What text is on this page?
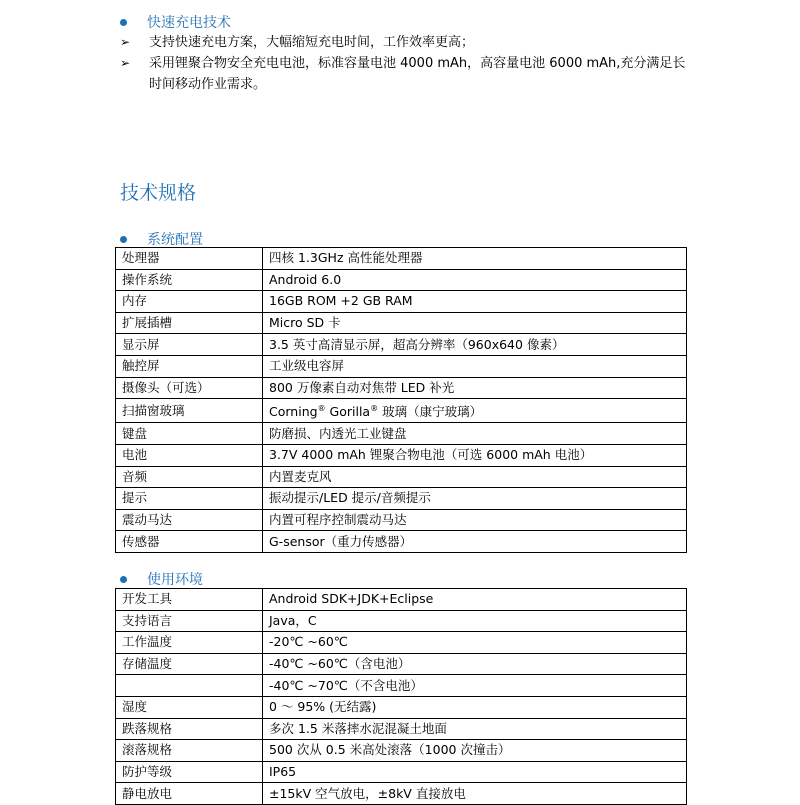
快速充电技术
➢	支持快速充电方案，大幅缩短充电时间，工作效率更高；
➢	采用锂聚合物安全充电电池，标准容量电池 4000 mAh，高容量电池 6000 mAh,充分满足长时间移动作业需求。
技术规格
系统配置
处理器	四核 1.3GHz 高性能处理器
操作系统	Android 6.0
内存	16GB ROM +2 GB RAM
扩展插槽	Micro SD 卡
显示屏	3.5 英寸高清显示屏，超高分辨率（960x640 像素）
触控屏	工业级电容屏
摄像头（可选）	800 万像素自动对焦带 LED 补光
扫描窗玻璃	Corning® Gorilla® 玻璃（康宁玻璃）
键盘	防磨损、内透光工业键盘
电池	3.7V 4000 mAh 锂聚合物电池（可选 6000 mAh 电池）
音频	内置麦克风
提示	振动提示/LED 提示/音频提示
震动马达	内置可程序控制震动马达
传感器	G-sensor（重力传感器）
使用环境
开发工具	Android SDK+JDK+Eclipse
支持语言	Java，C
工作温度	-20℃ ~60℃
存储温度	-40℃ ~60℃（含电池）
	-40℃ ~70℃（不含电池）
湿度	0 ～ 95% (无结露)
跌落规格	多次 1.5 米落摔水泥混凝土地面
滚落规格	500 次从 0.5 米高处滚落（1000 次撞击）
防护等级	IP65
静电放电	±15kV 空气放电，±8kV 直接放电
